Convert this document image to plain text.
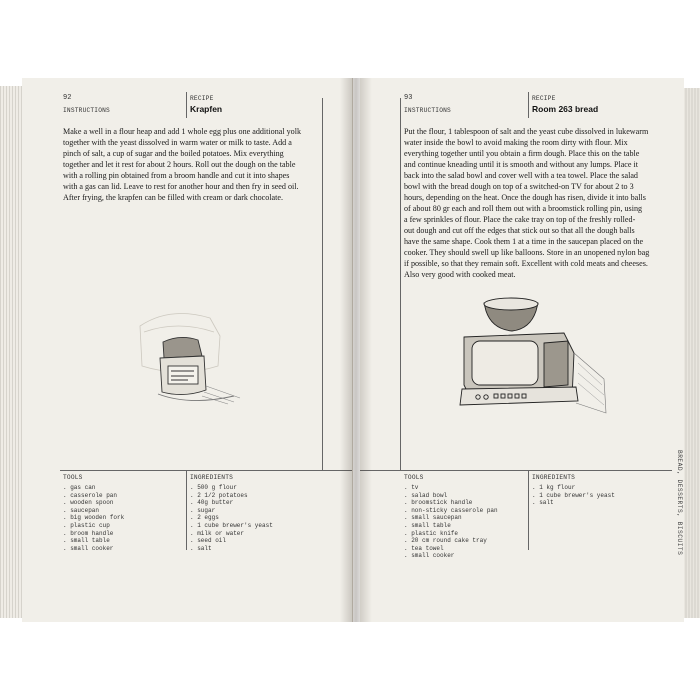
92	RECIPE
INSTRUCTIONS	Krapfen

Make a well in a flour heap and add 1 whole egg plus one additional yolk

together with the yeast dissolved in warm water or milk to taste. Add a

pinch of salt, a cup of sugar and the boiled potatoes. Mix everything

together and let it rest for about 2 hours. Roll out the dough on the table

with a rolling pin obtained from a broom handle and cut it into shapes

with a gas can lid. Leave to rest for another hour and then fry in seed oil.

After frying, the krapfen can be filled with cream or dark chocolate.

TOOLS	INGREDIENTS
. gas can
. casserole pan
. wooden spoon
. saucepan
. big wooden fork
. plastic cup
. broom handle
. small table
. small cooker
. 500 g flour
. 2 1/2 potatoes
. 40g butter
. sugar
. 2 eggs
. 1 cube brewer's yeast
. milk or water
. seed oil
. salt
93	RECIPE
INSTRUCTIONS	Room 263 bread

Put the flour, 1 tablespoon of salt and the yeast cube dissolved in lukewarm

water inside the bowl to avoid making the room dirty with flour. Mix

everything together until you obtain a firm dough. Place this on the table

and continue kneading until it is smooth and without any lumps. Place it

back into the salad bowl and cover well with a tea towel. Place the salad

bowl with the bread dough on top of a switched-on TV for about 2 to 3

hours, depending on the heat. Once the dough has risen, divide it into balls

of about 80 gr each and roll them out with a broomstick rolling pin, using

a few sprinkles of flour. Place the cake tray on top of the freshly rolled-

out dough and cut off the edges that stick out so that all the dough balls

have the same shape. Cook them 1 at a time in the saucepan placed on the

cooker. They should swell up like balloons. Store in an unopened nylon bag

if possible, so that they remain soft. Excellent with cold meats and cheeses.

Also very good with cooked meat.

TOOLS	INGREDIENTS
. tv
. salad bowl
. broomstick handle
. non-sticky casserole pan
. small saucepan
. small table
. plastic knife
. 20 cm round cake tray
. tea towel
. small cooker
. 1 kg flour
. 1 cube brewer's yeast
. salt	BREAD, DESSERTS, BISCUITS
